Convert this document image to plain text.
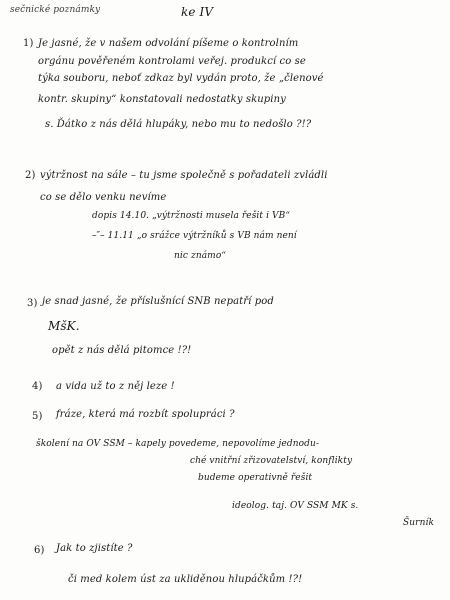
sečnické poznámky	ke IV
1) Je jasné, že v našem odvolání píšeme o kontrolním
orgánu pověřeném kontrolami veřej. produkcí co se
týka souboru, neboť zdkaz byl vydán proto, že „členové
kontr. skupiny“ konstatovali nedostatky skupiny
s. Ďátko z nás dělá hlupáky, nebo mu to nedošlo ?!?
2) výtržnost na sále – tu jsme společně s pořadateli zvládli
co se dělo venku nevíme
dopis 14.10. „výtržnosti musela řešit i VB“
–″– 11.11 „o srážce výtržníků s VB nám není
nic známo“
3) je snad jasné, že příslušnící SNB nepatří pod
MšK.
opět z nás dělá pitomce !?!
4) a vida už to z něj leze !
5) fráze, která má rozbít spolupráci ?
školení na OV SSM – kapely povedeme, nepovolíme jednodu-
ché vnitřní zřizovatelství, konflikty
budeme operativně řešit
ideolog. taj. OV SSM MK s.
Šurník
6) Jak to zjistíte ?
či med kolem úst za ukliděnou hlupáčkům !?!
